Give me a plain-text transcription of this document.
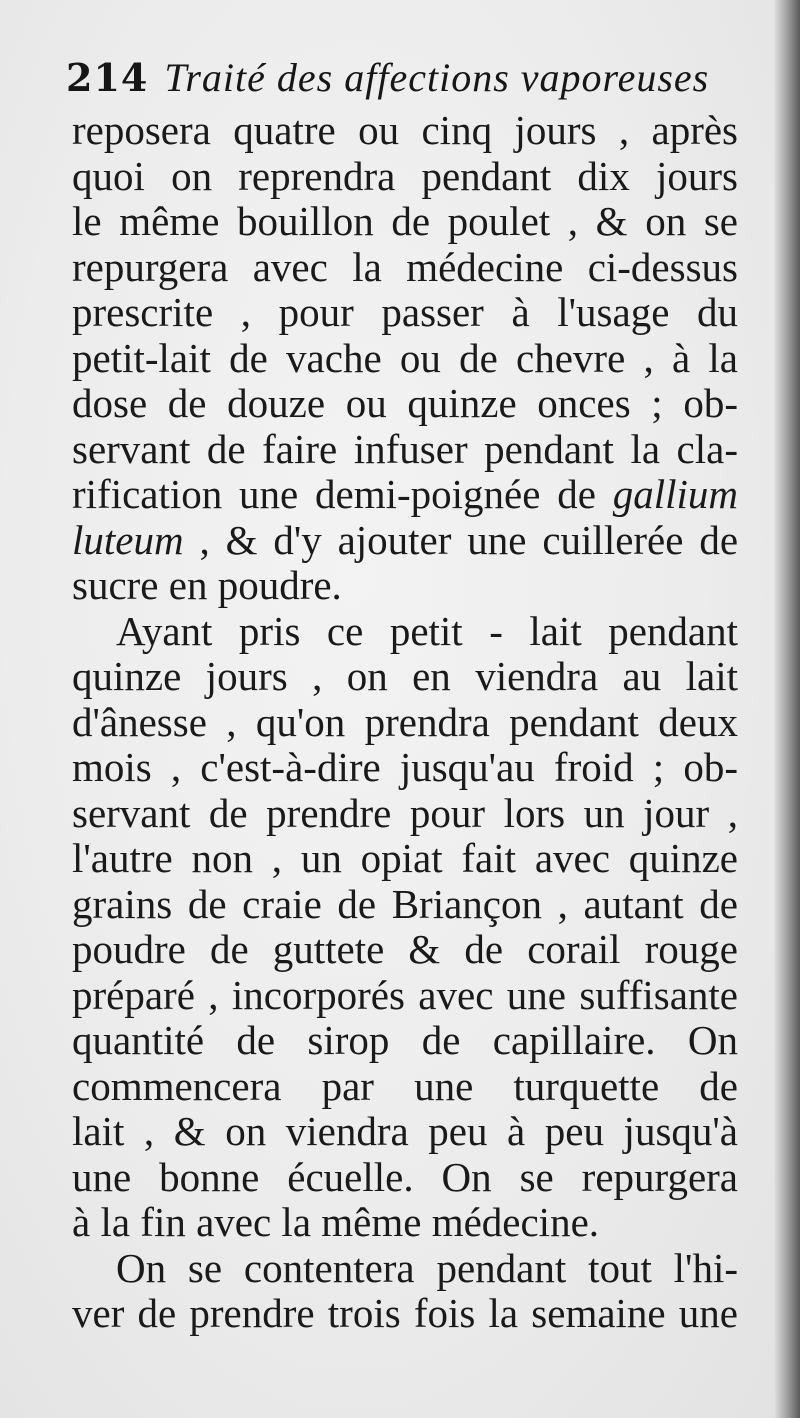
214 Traité des affections vaporeuses
reposera quatre ou cinq jours , après
quoi on reprendra pendant dix jours
le même bouillon de poulet , & on se
repurgera avec la médecine ci-dessus
prescrite , pour passer à l'usage du
petit-lait de vache ou de chevre , à la
dose de douze ou quinze onces ; ob-
servant de faire infuser pendant la cla-
rification une demi-poignée de gallium
luteum , & d'y ajouter une cuillerée de
sucre en poudre.
Ayant pris ce petit - lait pendant
quinze jours , on en viendra au lait
d'ânesse , qu'on prendra pendant deux
mois , c'est-à-dire jusqu'au froid ; ob-
servant de prendre pour lors un jour ,
l'autre non , un opiat fait avec quinze
grains de craie de Briançon , autant de
poudre de guttete & de corail rouge
préparé , incorporés avec une suffisante
quantité de sirop de capillaire. On
commencera par une turquette de
lait , & on viendra peu à peu jusqu'à
une bonne écuelle. On se repurgera
à la fin avec la même médecine.
On se contentera pendant tout l'hi-
ver de prendre trois fois la semaine une
